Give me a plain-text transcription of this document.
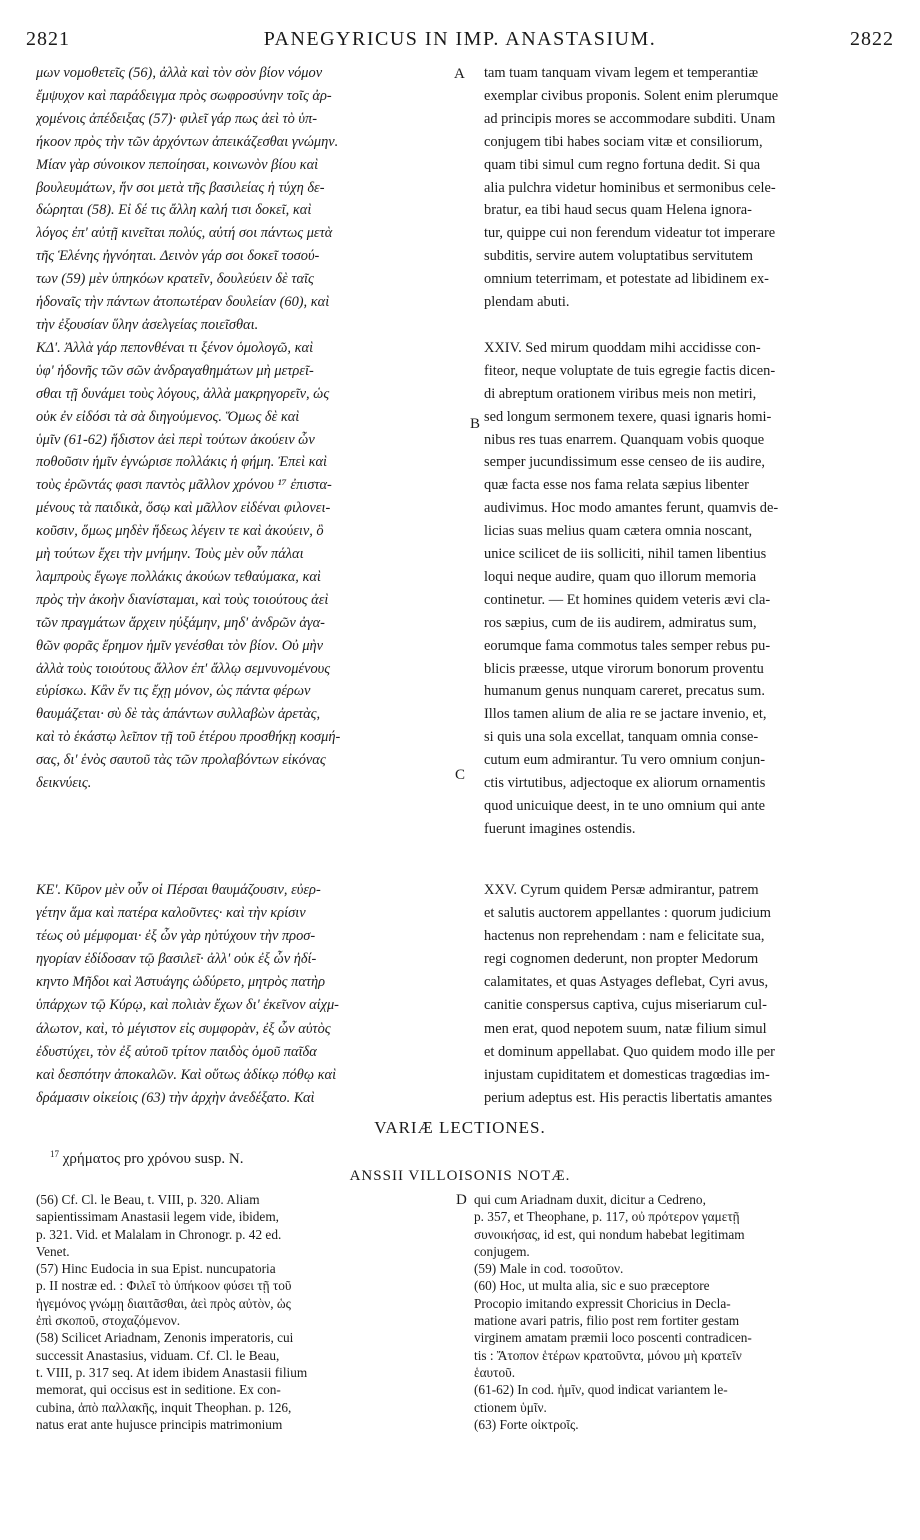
2821	PANEGYRICUS IN IMP. ANASTASIUM.	2822

μων νομοθετεῖς (56), ἀλλὰ καὶ τὸν σὸν βίον νόμον

ἔμψυχον καὶ παράδειγμα πρὸς σωφροσύνην τοῖς ἀρ-

χομένοις ἀπέδειξας (57)· φιλεῖ γάρ πως ἀεὶ τὸ ὑπ-

ήκοον πρὸς τὴν τῶν ἀρχόντων ἀπεικάζεσθαι γνώμην.

Μίαν γὰρ σύνοικον πεποίησαι, κοινωνὸν βίου καὶ

βουλευμάτων, ἥν σοι μετὰ τῆς βασιλείας ἡ τύχη δε-

δώρηται (58). Εἰ δέ τις ἄλλη καλή τισι δοκεῖ, καὶ

λόγος ἐπ' αὐτῇ κινεῖται πολύς, αὐτή σοι πάντως μετὰ

τῆς Ἑλένης ἠγνόηται. Δεινὸν γάρ σοι δοκεῖ τοσού-

των (59) μὲν ὑπηκόων κρατεῖν, δουλεύειν δὲ ταῖς

ἡδοναῖς τὴν πάντων ἀτοπωτέραν δουλείαν (60), καὶ

τὴν ἐξουσίαν ὕλην ἀσελγείας ποιεῖσθαι.

ΚΔʹ. Ἀλλὰ γάρ πεπονθέναι τι ξένον ὁμολογῶ, καὶ

ὑφ' ἡδονῆς τῶν σῶν ἀνδραγαθημάτων μὴ μετρεῖ-

σθαι τῇ δυνάμει τοὺς λόγους, ἀλλὰ μακρηγορεῖν, ὡς

οὐκ ἐν εἰδόσι τὰ σὰ διηγούμενος. Ὅμως δὲ καὶ

ὑμῖν (61-62) ἥδιστον ἀεὶ περὶ τούτων ἀκούειν ὧν

ποθοῦσιν ἡμῖν ἐγνώρισε πολλάκις ἡ φήμη. Ἐπεὶ καὶ

τοὺς ἐρῶντάς φασι παντὸς μᾶλλον χρόνου ¹⁷ ἐπιστα-

μένους τὰ παιδικὰ, ὅσῳ καὶ μᾶλλον εἰδέναι φιλονει-

κοῦσιν, ὅμως μηδὲν ἥδεως λέγειν τε καὶ ἀκούειν, ὃ

μὴ τούτων ἔχει τὴν μνήμην. Τοὺς μὲν οὖν πάλαι

λαμπροὺς ἔγωγε πολλάκις ἀκούων τεθαύμακα, καὶ

πρὸς τὴν ἀκοὴν διανίσταμαι, καὶ τοὺς τοιούτους ἀεὶ

τῶν πραγμάτων ἄρχειν ηὐξάμην, μηδ' ἀνδρῶν ἀγα-

θῶν φορᾶς ἔρημον ἡμῖν γενέσθαι τὸν βίον. Οὐ μὴν

ἀλλὰ τοὺς τοιούτους ἄλλον ἐπ' ἄλλῳ σεμνυνομένους

εὑρίσκω. Κἂν ἕν τις ἔχῃ μόνον, ὡς πάντα φέρων

θαυμάζεται· σὺ δὲ τὰς ἁπάντων συλλαβὼν ἀρετὰς,

καὶ τὸ ἑκάστῳ λεῖπον τῇ τοῦ ἑτέρου προσθήκῃ κοσμή-

σας, δι' ἑνὸς σαυτοῦ τὰς τῶν προλαβόντων εἰκόνας

δεικνύεις.

tam tuam tanquam vivam legem et temperantiæ

exemplar civibus proponis. Solent enim plerumque

ad principis mores se accommodare subditi. Unam

conjugem tibi habes sociam vitæ et consiliorum,

quam tibi simul cum regno fortuna dedit. Si qua

alia pulchra videtur hominibus et sermonibus cele-

bratur, ea tibi haud secus quam Helena ignora-

tur, quippe cui non ferendum videatur tot imperare

subditis, servire autem voluptatibus servitutem

omnium teterrimam, et potestate ad libidinem ex-

plendam abuti.

XXIV. Sed mirum quoddam mihi accidisse con-

fiteor, neque voluptate de tuis egregie factis dicen-

di abreptum orationem viribus meis non metiri,

sed longum sermonem texere, quasi ignaris homi-

nibus res tuas enarrem. Quanquam vobis quoque

semper jucundissimum esse censeo de iis audire,

quæ facta esse nos fama relata sæpius libenter

audivimus. Hoc modo amantes ferunt, quamvis de-

licias suas melius quam cætera omnia noscant,

unice scilicet de iis solliciti, nihil tamen libentius

loqui neque audire, quam quo illorum memoria

continetur. — Et homines quidem veteris ævi cla-

ros sæpius, cum de iis audirem, admiratus sum,

eorumque fama commotus tales semper rebus pu-

blicis præesse, utque virorum bonorum proventu

humanum genus nunquam careret, precatus sum.

Illos tamen alium de alia re se jactare invenio, et,

si quis una sola excellat, tanquam omnia conse-

cutum eum admirantur. Tu vero omnium conjun-

ctis virtutibus, adjectoque ex aliorum ornamentis

quod unicuique deest, in te uno omnium qui ante

fuerunt imagines ostendis.

A
B
C

ΚΕʹ. Κῦρον μὲν οὖν οἱ Πέρσαι θαυμάζουσιν, εὐερ-

γέτην ἅμα καὶ πατέρα καλοῦντες· καὶ τὴν κρίσιν

τέως οὐ μέμφομαι· ἐξ ὧν γὰρ ηὐτύχουν τὴν προσ-

ηγορίαν ἐδίδοσαν τῷ βασιλεῖ· ἀλλ' οὐκ ἐξ ὧν ἠδί-

κηντο Μῆδοι καὶ Ἀστυάγης ὠδύρετο, μητρὸς πατὴρ

ὑπάρχων τῷ Κύρῳ, καὶ πολιὰν ἔχων δι' ἐκεῖνον αἰχμ-

άλωτον, καὶ, τὸ μέγιστον εἰς συμφορὰν, ἐξ ὧν αὐτὸς

ἐδυστύχει, τὸν ἐξ αὐτοῦ τρίτον παιδὸς ὁμοῦ παῖδα

καὶ δεσπότην ἀποκαλῶν. Καὶ οὕτως ἀδίκῳ πόθῳ καὶ

δράμασιν οἰκείοις (63) τὴν ἀρχὴν ἀνεδέξατο. Καὶ

XXV. Cyrum quidem Persæ admirantur, patrem

et salutis auctorem appellantes : quorum judicium

hactenus non reprehendam : nam e felicitate sua,

regi cognomen dederunt, non propter Medorum

calamitates, et quas Astyages deflebat, Cyri avus,

canitie conspersus captiva, cujus miseriarum cul-

men erat, quod nepotem suum, natæ filium simul

et dominum appellabat. Quo quidem modo ille per

injustam cupiditatem et domesticas tragœdias im-

perium adeptus est. His peractis libertatis amantes

VARIÆ LECTIONES.
$^{17}$ χρήματος pro χρόνου susp. N.
ANSSII VILLOISONIS NOTÆ.
D

(56) Cf. Cl. le Beau, t. VIII, p. 320. Aliam

sapientissimam Anastasii legem vide, ibidem,

p. 321. Vid. et Malalam in Chronogr. p. 42 ed.

Venet.

(57) Hinc Eudocia in sua Epist. nuncupatoria

p. II nostræ ed. : Φιλεῖ τὸ ὑπήκοον φύσει τῇ τοῦ

ἡγεμόνος γνώμῃ διαιτᾶσθαι, ἀεὶ πρὸς αὐτὸν, ὡς

ἐπὶ σκοποῦ, στοχαζόμενον.

(58) Scilicet Ariadnam, Zenonis imperatoris, cui

successit Anastasius, viduam. Cf. Cl. le Beau,

t. VIII, p. 317 seq. At idem ibidem Anastasii filium

memorat, qui occisus est in seditione. Ex con-

cubina, ἀπὸ παλλακῆς, inquit Theophan. p. 126,

natus erat ante hujusce principis matrimonium

qui cum Ariadnam duxit, dicitur a Cedreno,

p. 357, et Theophane, p. 117, οὐ πρότερον γαμετῇ

συνοικήσας, id est, qui nondum habebat legitimam

conjugem.

(59) Male in cod. τοσοῦτον.

(60) Hoc, ut multa alia, sic e suo præceptore

Procopio imitando expressit Choricius in Decla-

matione avari patris, filio post rem fortiter gestam

virginem amatam præmii loco poscenti contradicen-

tis : Ἄτοπον ἑτέρων κρατοῦντα, μόνου μὴ κρατεῖν

ἑαυτοῦ.

(61-62) In cod. ἡμῖν, quod indicat variantem le-

ctionem ὑμῖν.

(63) Forte οἰκτροῖς.
